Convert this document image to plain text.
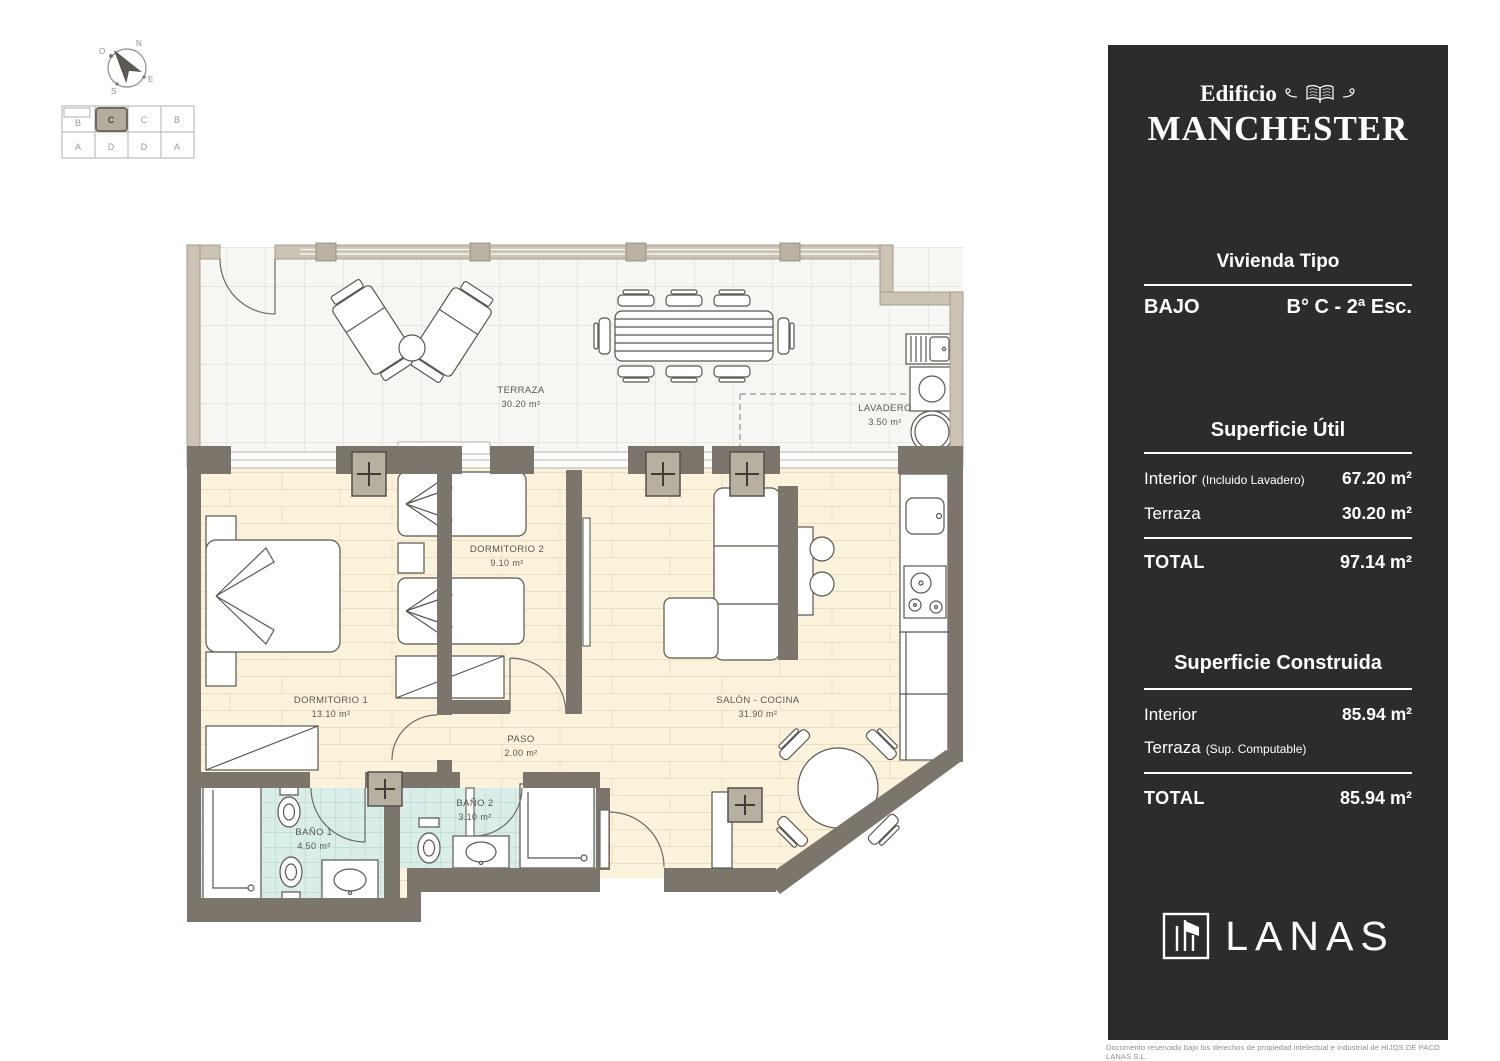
N
E
S
O
B	C	C	B
A	D	D	A
TERRAZA
30.20 m²	LAVADERO
3.50 m²
DORMITORIO 1
13.10 m²
DORMITORIO 2
9.10 m²
SALÓN - COCINA
31.90 m²
PASO
2.00 m²
BAÑO 1
4.50 m²
BAÑO 2
3.10 m²
Edificio
MANCHESTER
Vivienda Tipo
BAJO	B° C - 2ª Esc.
Superficie Útil
Interior (Incluido Lavadero) 67.20 m²
Terraza	30.20 m²
TOTAL	97.14 m²
Superficie Construida
Interior	85.94 m²
Terraza (Sup. Computable)
TOTAL	85.94 m²
LANAS
Documento reservado bajo los derechos de propiedad intelectual e industrial de HIJOS DE PACO LANAS S.L.
